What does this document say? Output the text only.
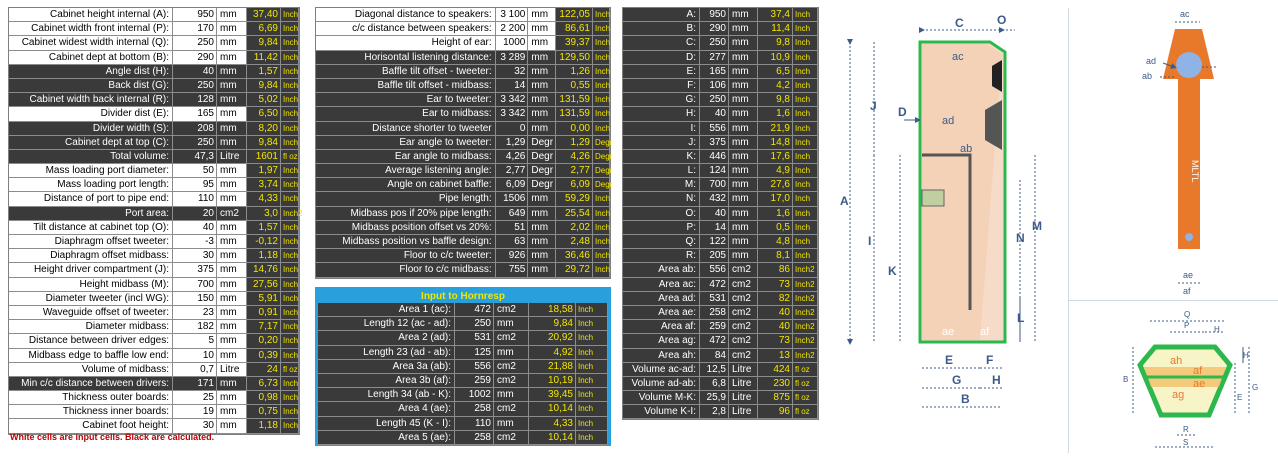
Cabinet height internal (A):	950 mm	37,40 Inch
Cabinet width front internal (P):	170 mm	6,69 Inch
Cabinet widest width internal (Q):	250 mm	9,84 Inch
Cabinet dept at bottom (B):	290 mm	11,42 Inch
Angle dist (H):	40 mm	1,57 Inch
Back dist (G):	250 mm	9,84 Inch
Cabinet width back internal (R):	128 mm	5,02 Inch
Divider dist (E):	165 mm	6,50 Inch
Divider width (S):	208 mm	8,20 Inch
Cabinet dept at top (C):	250 mm	9,84 Inch
Total volume:	47,3 Litre	1601 fl oz
Mass loading port diameter:	50 mm	1,97 Inch
Mass loading port length:	95 mm	3,74 Inch
Distance of port to pipe end:	110 mm	4,33 Inch
Port area:	20 cm2	3,0 Inch2
Tilt distance at cabinet top (O):	40 mm	1,57 Inch
Diaphragm offset tweeter:	-3 mm	-0,12 Inch
Diaphragm offset midbass:	30 mm	1,18 Inch
Height driver compartment (J):	375 mm	14,76 Inch
Height midbass (M):	700 mm	27,56 Inch
Diameter tweeter (incl WG):	150 mm	5,91 Inch
Waveguide offset of tweeter:	23 mm	0,91 Inch
Diameter midbass:	182 mm	7,17 Inch
Distance between driver edges:	5 mm	0,20 Inch
Midbass edge to baffle low end:	10 mm	0,39 Inch
Volume of midbass:	0,7 Litre	24 fl oz
Min c/c distance between drivers:	171 mm	6,73 Inch
Thickness outer boards:	25 mm	0,98 Inch
Thickness inner boards:	19 mm	0,75 Inch
Cabinet foot height:	30 mm	1,18 Inch
Diagonal distance to speakers: 3 100 mm	122,05 Inch
c/c distance between speakers: 2 200 mm	86,61 Inch
Height of ear:	1000 mm	39,37 Inch
Horisontal listening distance: 3 289 mm	129,50 Inch
Baffle tilt offset - tweeter:	32 mm	1,26 Inch
Baffle tilt offset - midbass:	14 mm	0,55 Inch
Ear to tweeter: 3 342 mm	131,59 Inch
Ear to midbass: 3 342 mm	131,59 Inch
Distance shorter to tweeter	0 mm	0,00 Inch
Ear angle to tweeter:	1,29 Degr	1,29 Degr
Ear angle to midbass:	4,26 Degr	4,26 Degr
Average listening angle:	2,77 Degr	2,77 Degr
Angle on cabinet baffle:	6,09 Degr	6,09 Degr
Pipe length:	1506 mm	59,29 Inch
Midbass pos if 20% pipe length:	649 mm	25,54 Inch
Midbass position offset vs 20%:	51 mm	2,02 Inch
Midbass position vs baffle design:	63 mm	2,48 Inch
Floor to c/c tweeter:	926 mm	36,46 Inch
Floor to c/c midbass:	755 mm	29,72 Inch
Input to Hornresp
Area 1 (ac):	472 cm2	18,58 Inch
Length 12 (ac - ad):	250 mm	9,84 Inch
Area 2 (ad):	531 cm2	20,92 Inch
Length 23 (ad - ab):	125 mm	4,92 Inch
Area 3a (ab):	556 cm2	21,88 Inch
Area 3b (af):	259 cm2	10,19 Inch
Length 34 (ab - K):	1002 mm	39,45 Inch
Area 4 (ae):	258 cm2	10,14 Inch
Length 45 (K - I):	110 mm	4,33 Inch
Area 5 (ae):	258 cm2	10,14 Inch
A:	950 mm	37,4 Inch
B:	290 mm	11,4 Inch
C:	250 mm	9,8 Inch
D:	277 mm	10,9 Inch
E:	165 mm	6,5 Inch
F:	106 mm	4,2 Inch
G:	250 mm	9,8 Inch
H:	40 mm	1,6 Inch
I:	556 mm	21,9 Inch
J:	375 mm	14,8 Inch
K:	446 mm	17,6 Inch
L:	124 mm	4,9 Inch
M:	700 mm	27,6 Inch
N:	432 mm	17,0 Inch
O:	40 mm	1,6 Inch
P:	14 mm	0,5 Inch
Q:	122 mm	4,8 Inch
R:	205 mm	8,1 Inch
Area ab:	556 cm2	86 Inch2
Area ac:	472 cm2	73 Inch2
Area ad:	531 cm2	82 Inch2
Area ae:	258 cm2	40 Inch2
Area af:	259 cm2	40 Inch2
Area ag:	472 cm2	73 Inch2
Area ah:	84 cm2	13 Inch2
Volume ac-ad:	12,5 Litre	424 fl oz
Volume ad-ab:	6,8 Litre	230 fl oz
Volume M-K:	25,9 Litre	875 fl oz
Volume K-I:	2,8 Litre	96 fl oz
White cells are input cells. Black are calculated.
ac
ad
ab
ae af
C	O
J D
A
I
K
M
N
L
E	F
G	H
B
ac
MLTL
ad
ab
ae
af
ah
af
ae
ag
Q
P	H
B
E
G
H
R
S
